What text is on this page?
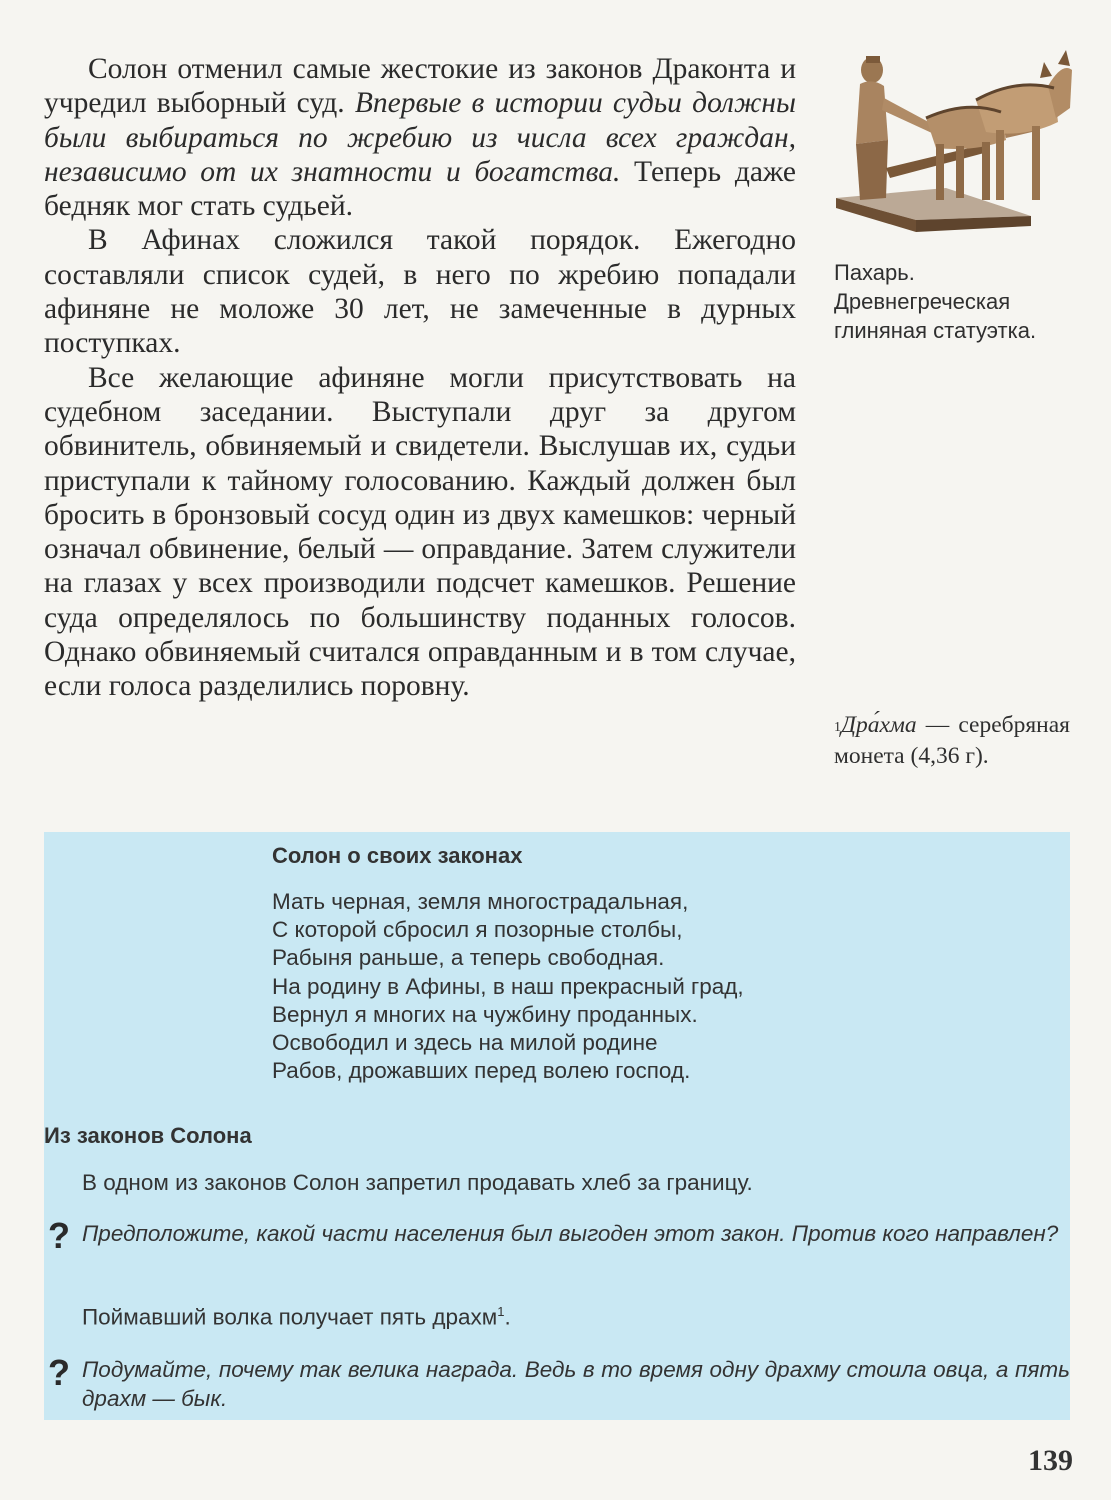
Солон отменил самые жестокие из законов Драконта и учредил выборный суд. Впервые в истории судьи должны были выбираться по жребию из числа всех граждан, независимо от их знатности и богатства. Теперь даже бедняк мог стать судьей.

В Афинах сложился такой порядок. Ежегодно составляли список судей, в него по жребию попадали афиняне не моложе 30 лет, не замеченные в дурных поступках.

Все желающие афиняне могли присутствовать на судебном заседании. Выступали друг за другом обвинитель, обвиняемый и свидетели. Выслушав их, судьи приступали к тайному голосованию. Каждый должен был бросить в бронзовый сосуд один из двух камешков: черный означал обвинение, белый — оправдание. Затем служители на глазах у всех производили подсчет камешков. Решение суда определялось по большинству поданных голосов. Однако обвиняемый считался оправданным и в том случае, если голоса разделились поровну.

Пахарь. Древнегреческая глиняная статуэтка.
$^1$Дра́хма — серебряная монета (4,36 г).
Солон о своих законах
Мать черная, земля многострадальная,
С которой сбросил я позорные столбы,
Рабыня раньше, а теперь свободная.
На родину в Афины, в наш прекрасный град,
Вернул я многих на чужбину проданных.
Освободил и здесь на милой родине
Рабов, дрожавших перед волею господ.
Из законов Солона
В одном из законов Солон запретил продавать хлеб за границу.
? Предположите, какой части населения был выгоден этот закон. Против кого направлен?
Поймавший волка получает пять драхм$^1$.
? Подумайте, почему так велика награда. Ведь в то время одну драхму стоила овца, а пять драхм — бык.
139
